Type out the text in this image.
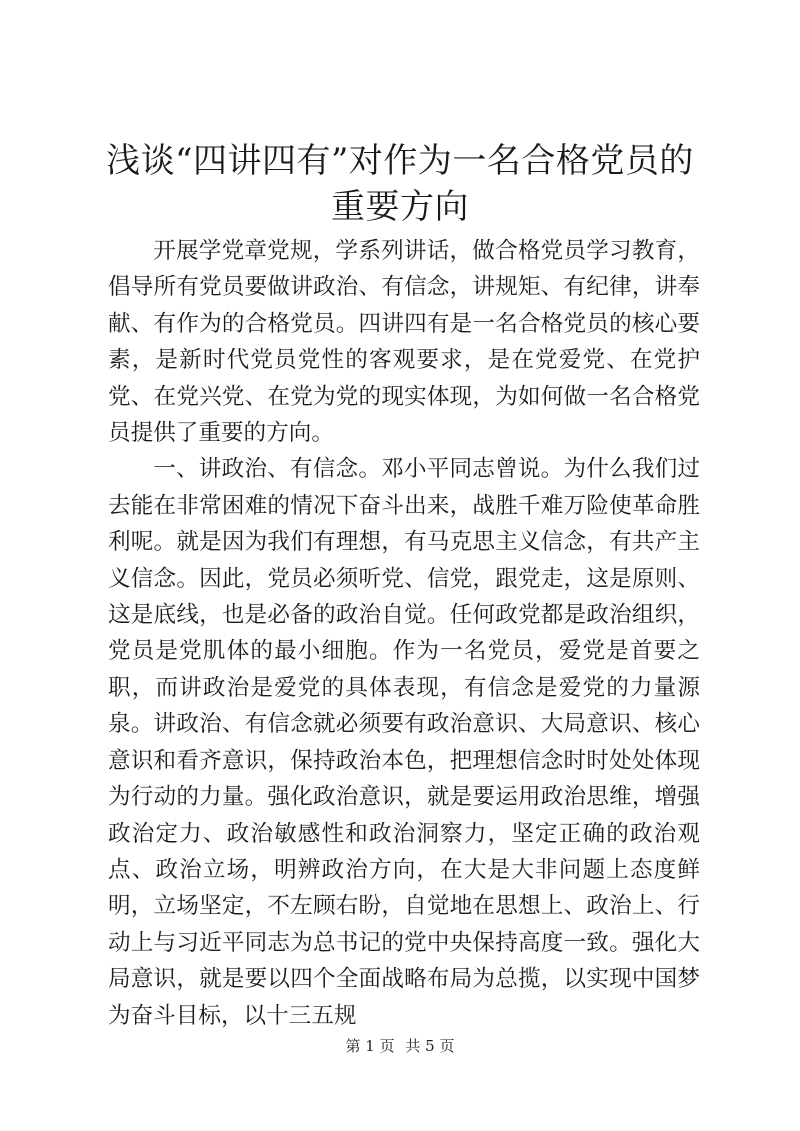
浅谈“四讲四有”对作为一名合格党员的重要方向

开展学党章党规，学系列讲话，做合格党员学习教育，倡导所有党员要做讲政治、有信念，讲规矩、有纪律，讲奉献、有作为的合格党员。四讲四有是一名合格党员的核心要素，是新时代党员党性的客观要求，是在党爱党、在党护党、在党兴党、在党为党的现实体现，为如何做一名合格党员提供了重要的方向。

一、讲政治、有信念。邓小平同志曾说。为什么我们过去能在非常困难的情况下奋斗出来，战胜千难万险使革命胜利呢。就是因为我们有理想，有马克思主义信念，有共产主义信念。因此，党员必须听党、信党，跟党走，这是原则、这是底线，也是必备的政治自觉。任何政党都是政治组织，党员是党肌体的最小细胞。作为一名党员，爱党是首要之职，而讲政治是爱党的具体表现，有信念是爱党的力量源泉。讲政治、有信念就必须要有政治意识、大局意识、核心意识和看齐意识，保持政治本色，把理想信念时时处处体现为行动的力量。强化政治意识，就是要运用政治思维，增强政治定力、政治敏感性和政治洞察力，坚定正确的政治观点、政治立场，明辨政治方向，在大是大非问题上态度鲜明，立场坚定，不左顾右盼，自觉地在思想上、政治上、行动上与习近平同志为总书记的党中央保持高度一致。强化大局意识，就是要以四个全面战略布局为总揽，以实现中国梦为奋斗目标，以十三五规

第 1 页 共 5 页
